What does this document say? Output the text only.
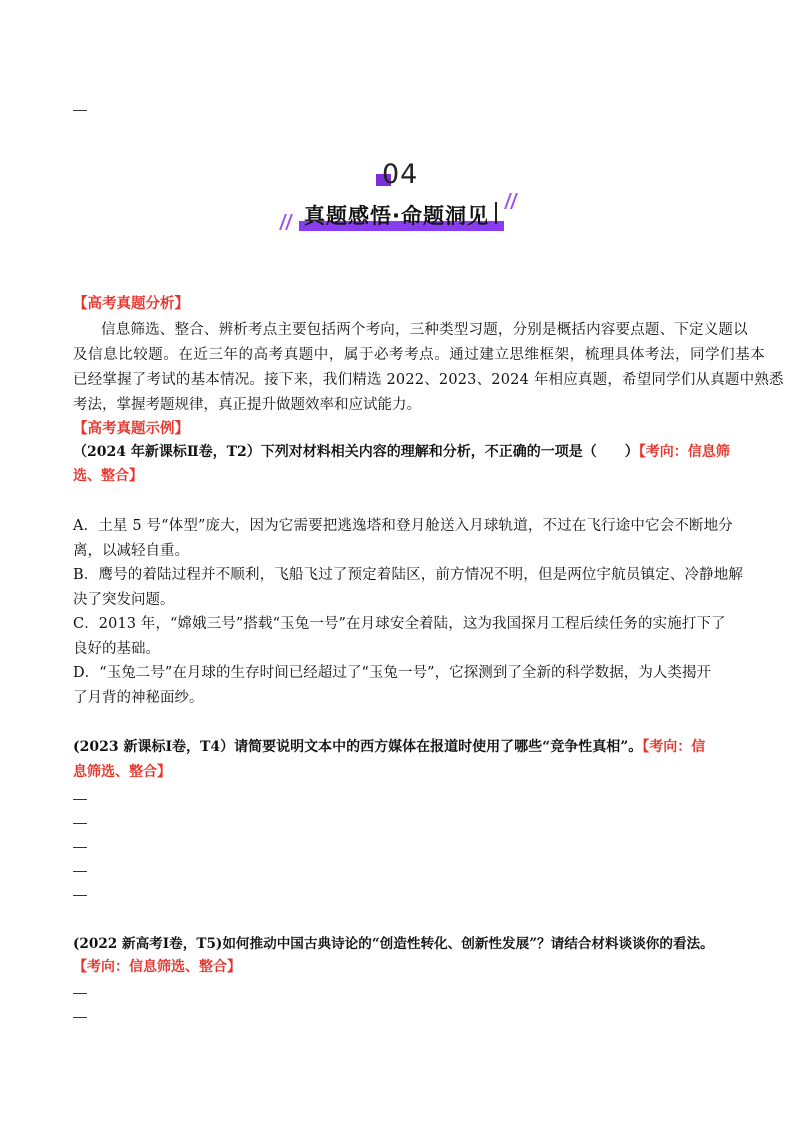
04
真题感悟·命题洞见
【高考真题分析】
信息筛选、整合、辨析考点主要包括两个考向，三种类型习题，分别是概括内容要点题、下定义题以
及信息比较题。在近三年的高考真题中，属于必考考点。通过建立思维框架，梳理具体考法，同学们基本
已经掌握了考试的基本情况。接下来，我们精选 2022、2023、2024 年相应真题，希望同学们从真题中熟悉
考法，掌握考题规律，真正提升做题效率和应试能力。
【高考真题示例】
（2024 年新课标Ⅱ卷，T2）下列对材料相关内容的理解和分析，不正确的一项是（　　）【考向：信息筛
选、整合】
A．土星 5 号“体型”庞大，因为它需要把逃逸塔和登月舱送入月球轨道，不过在飞行途中它会不断地分
离，以减轻自重。
B．鹰号的着陆过程并不顺利，飞船飞过了预定着陆区，前方情况不明，但是两位宇航员镇定、冷静地解
决了突发问题。
C．2013 年，“嫦娥三号”搭载“玉兔一号”在月球安全着陆，这为我国探月工程后续任务的实施打下了
良好的基础。
D．“玉兔二号”在月球的生存时间已经超过了“玉兔一号”，它探测到了全新的科学数据，为人类揭开
了月背的神秘面纱。
(2023 新课标Ⅰ卷，T4）请简要说明文本中的西方媒体在报道时使用了哪些“竞争性真相”。【考向：信
息筛选、整合】
(2022 新高考Ⅰ卷，T5)如何推动中国古典诗论的“创造性转化、创新性发展”？请结合材料谈谈你的看法。
【考向：信息筛选、整合】
